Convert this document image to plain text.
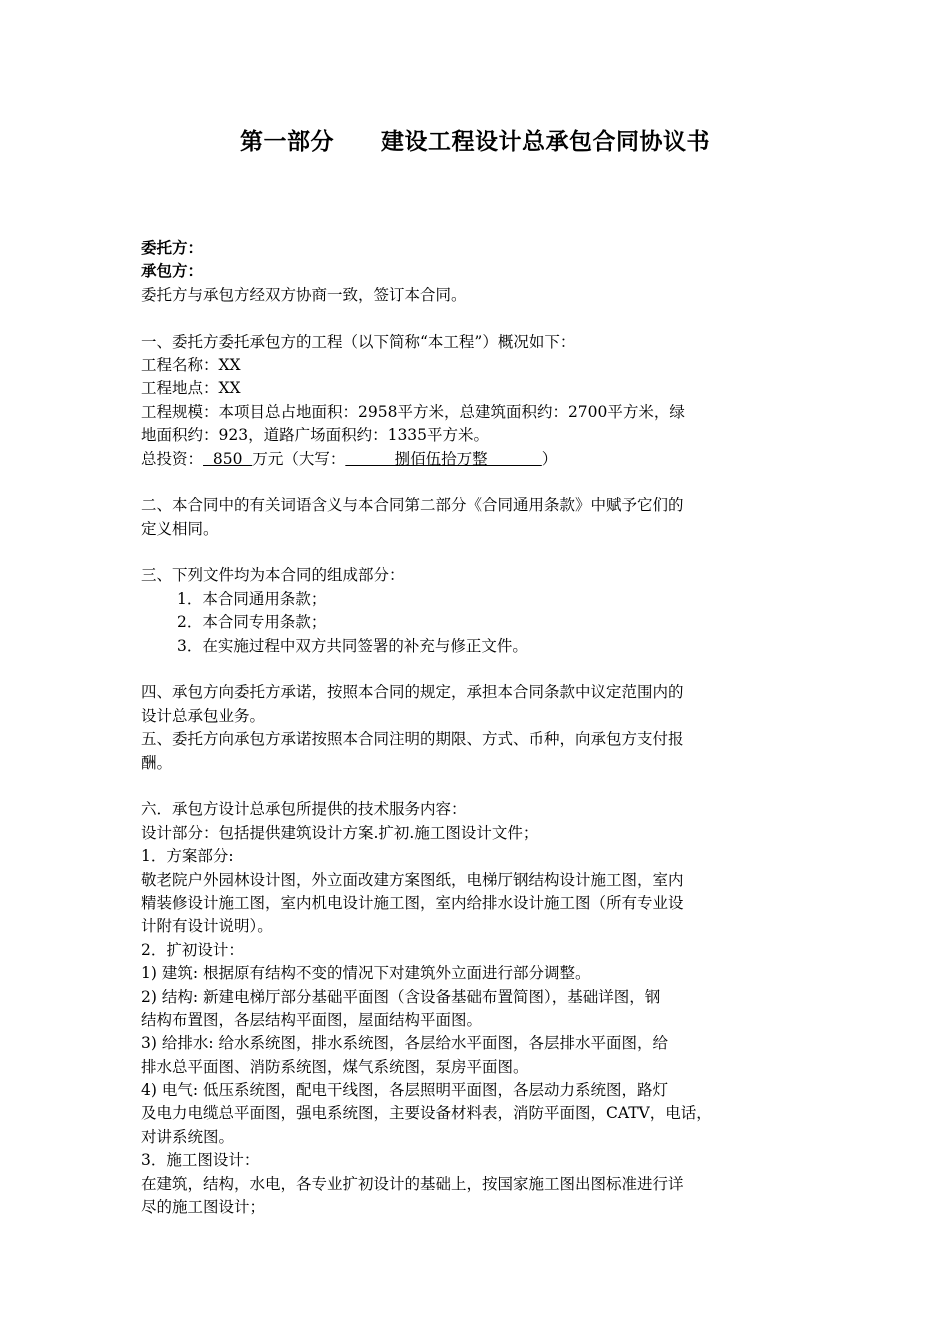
第一部分　　建设工程设计总承包合同协议书
委托方：
承包方：
委托方与承包方经双方协商一致，签订本合同。
一、委托方委托承包方的工程（以下简称“本工程”）概况如下：
工程名称：XX
工程地点：XX
工程规模：本项目总占地面积：2958平方米，总建筑面积约：2700平方米，绿
地面积约：923，道路广场面积约：1335平方米。
总投资：  850  万元（大写：          捌佰伍拾万整           ）
二、本合同中的有关词语含义与本合同第二部分《合同通用条款》中赋予它们的
定义相同。
三、下列文件均为本合同的组成部分：
1．本合同通用条款；
2．本合同专用条款；
3．在实施过程中双方共同签署的补充与修正文件。
四、承包方向委托方承诺，按照本合同的规定，承担本合同条款中议定范围内的
设计总承包业务。
五、委托方向承包方承诺按照本合同注明的期限、方式、币种，向承包方支付报
酬。
六．承包方设计总承包所提供的技术服务内容：
设计部分：包括提供建筑设计方案.扩初.施工图设计文件；
1．方案部分:
敬老院户外园林设计图，外立面改建方案图纸，电梯厅钢结构设计施工图，室内
精装修设计施工图，室内机电设计施工图，室内给排水设计施工图（所有专业设
计附有设计说明）。
2．扩初设计：
1) 建筑: 根据原有结构不变的情况下对建筑外立面进行部分调整。
2) 结构: 新建电梯厅部分基础平面图（含设备基础布置简图），基础详图，钢
结构布置图，各层结构平面图，屋面结构平面图。
3) 给排水: 给水系统图，排水系统图，各层给水平面图，各层排水平面图，给
排水总平面图、消防系统图，煤气系统图，泵房平面图。
4) 电气: 低压系统图，配电干线图，各层照明平面图，各层动力系统图，路灯
及电力电缆总平面图，强电系统图，主要设备材料表，消防平面图，CATV，电话，
对讲系统图。
3．施工图设计：
在建筑，结构，水电，各专业扩初设计的基础上，按国家施工图出图标准进行详
尽的施工图设计；
